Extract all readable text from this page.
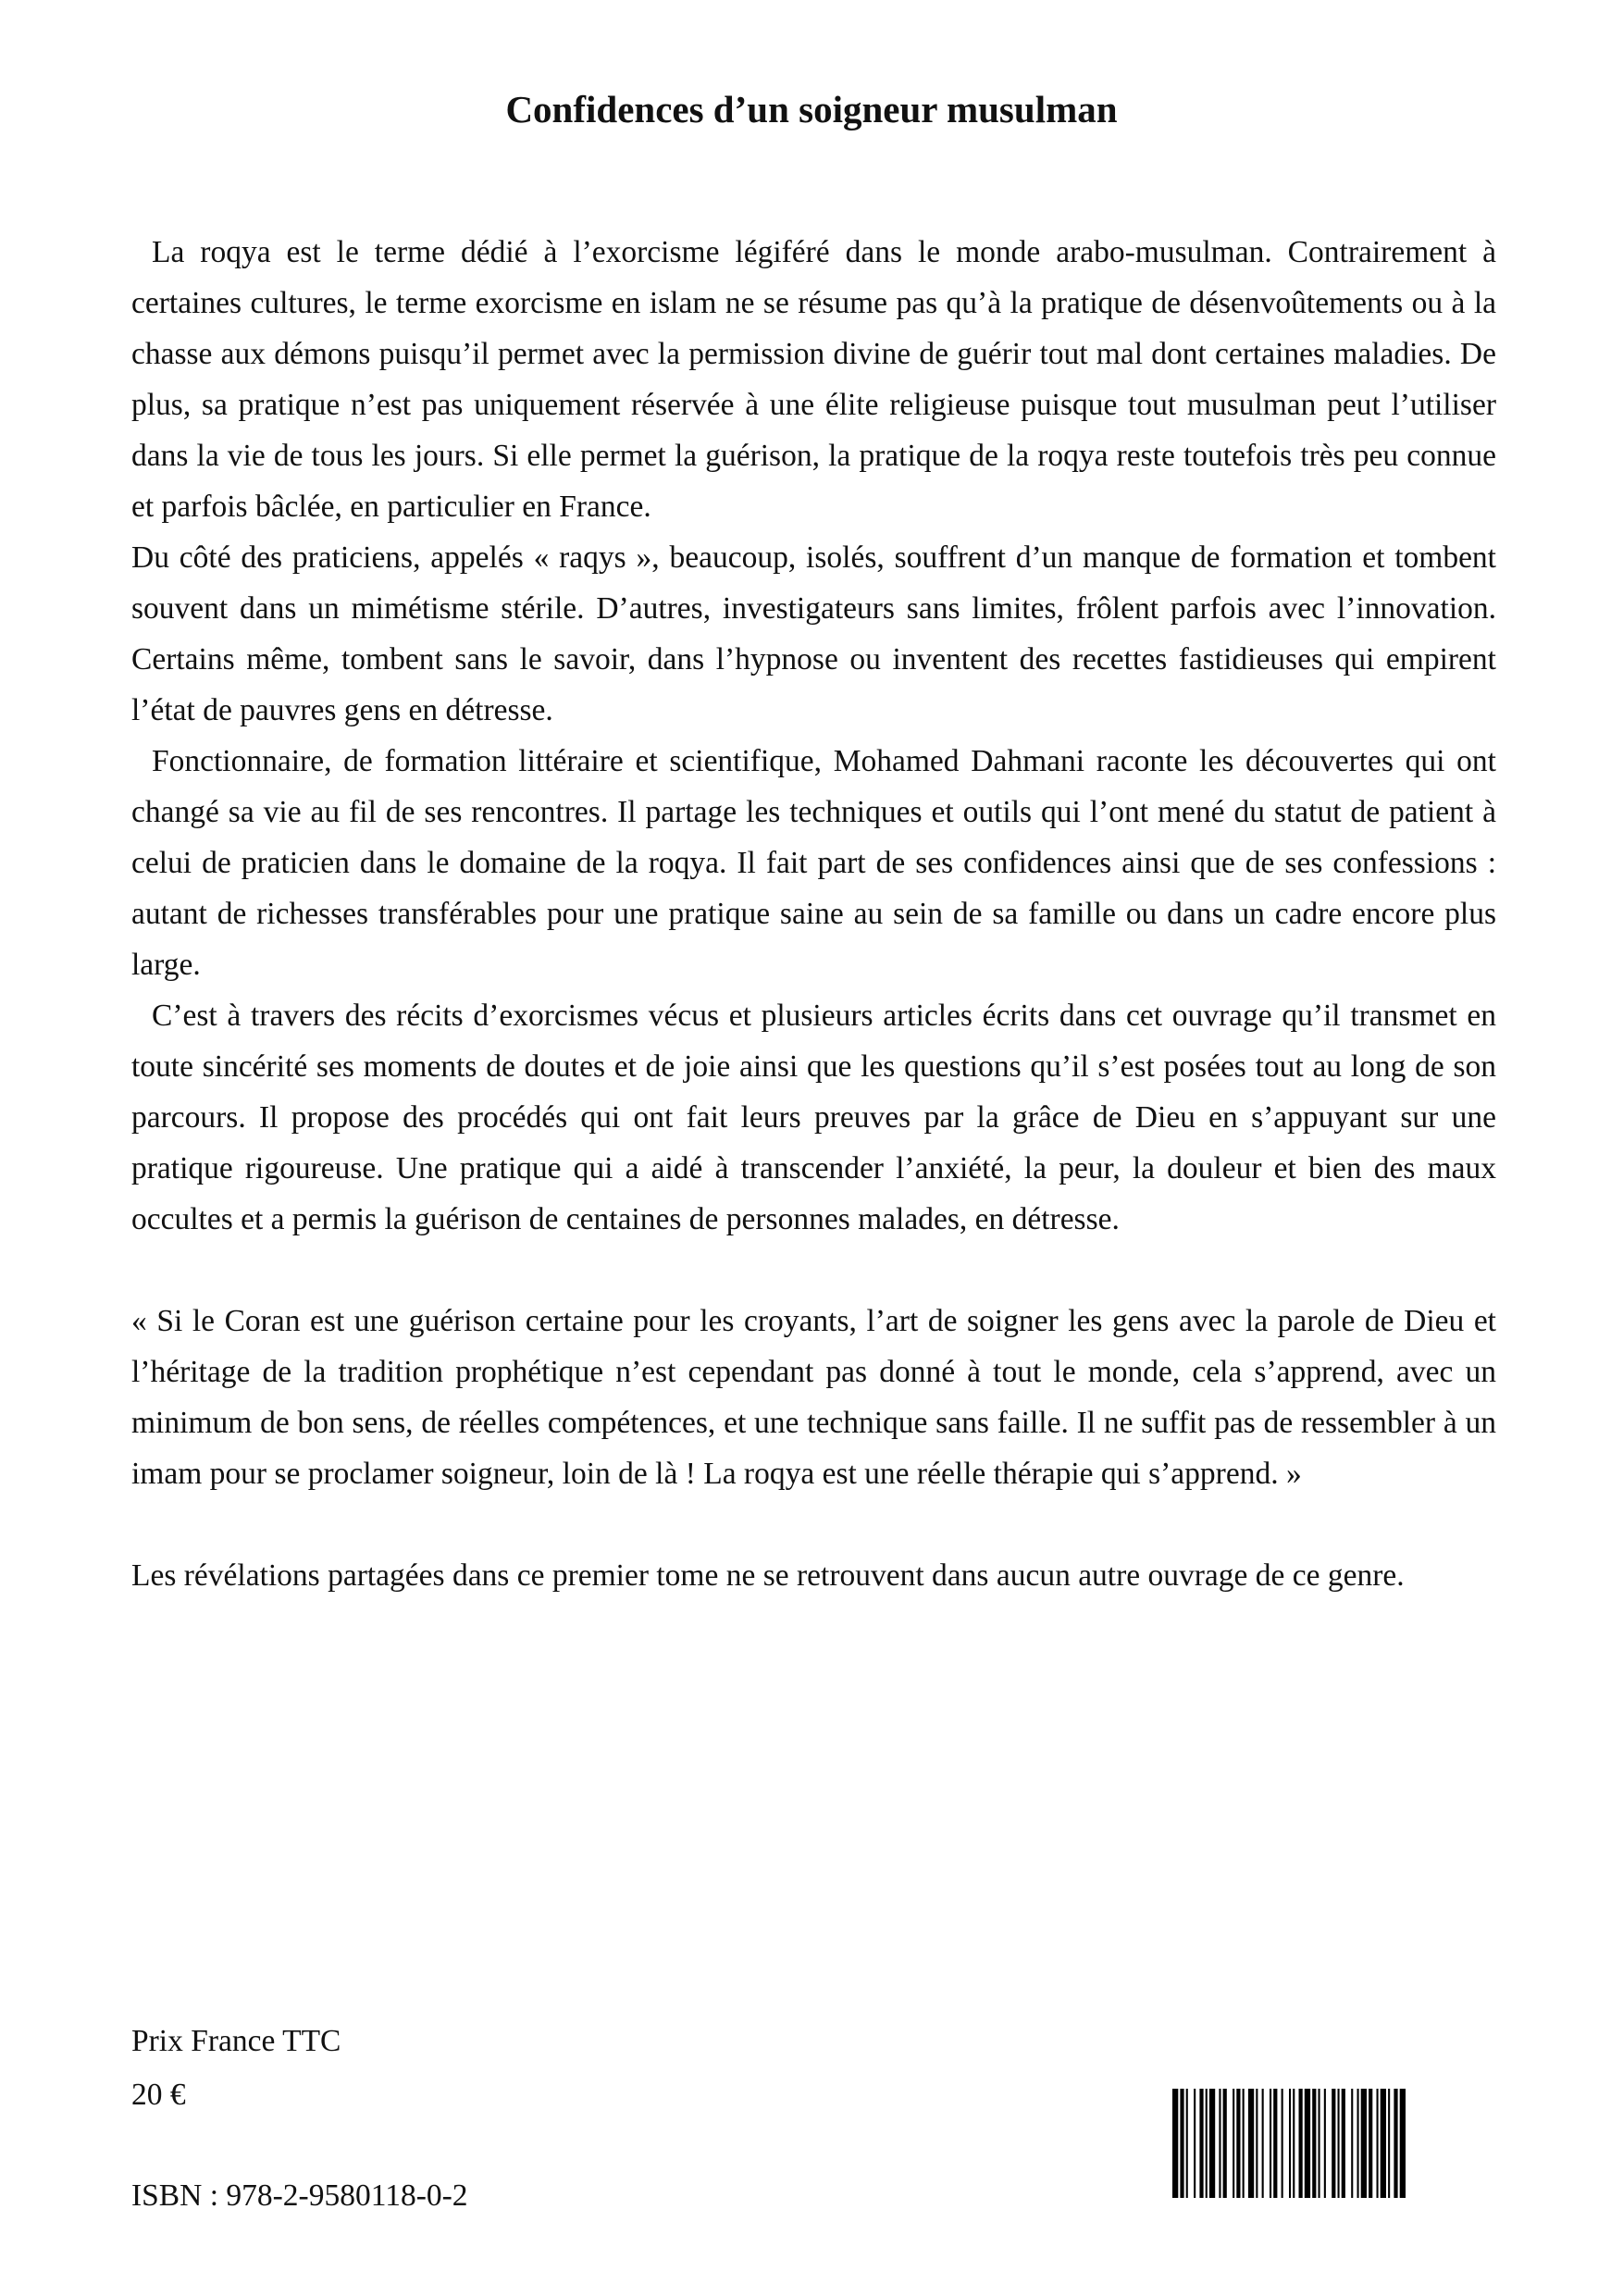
Confidences d’un soigneur musulman

La roqya est le terme dédié à l’exorcisme légiféré dans le monde arabo-musulman. Contrairement à certaines cultures, le terme exorcisme en islam ne se résume pas qu’à la pratique de désenvoûtements ou à la chasse aux démons puisqu’il permet avec la permission divine de guérir tout mal dont certaines maladies. De plus, sa pratique n’est pas uniquement réservée à une élite religieuse puisque tout musulman peut l’utiliser dans la vie de tous les jours. Si elle permet la guérison, la pratique de la roqya reste toutefois très peu connue et parfois bâclée, en particulier en France.

Du côté des praticiens, appelés « raqys », beaucoup, isolés, souffrent d’un manque de formation et tombent souvent dans un mimétisme stérile. D’autres, investigateurs sans limites, frôlent parfois avec l’innovation. Certains même, tombent sans le savoir, dans l’hypnose ou inventent des recettes fastidieuses qui empirent l’état de pauvres gens en détresse.

Fonctionnaire, de formation littéraire et scientifique, Mohamed Dahmani raconte les découvertes qui ont changé sa vie au fil de ses rencontres. Il partage les techniques et outils qui l’ont mené du statut de patient à celui de praticien dans le domaine de la roqya. Il fait part de ses confidences ainsi que de ses confessions : autant de richesses transférables pour une pratique saine au sein de sa famille ou dans un cadre encore plus large.

C’est à travers des récits d’exorcismes vécus et plusieurs articles écrits dans cet ouvrage qu’il transmet en toute sincérité ses moments de doutes et de joie ainsi que les questions qu’il s’est posées tout au long de son parcours. Il propose des procédés qui ont fait leurs preuves par la grâce de Dieu en s’appuyant sur une pratique rigoureuse. Une pratique qui a aidé à transcender l’anxiété, la peur, la douleur et bien des maux occultes et a permis la guérison de centaines de personnes malades, en détresse.

« Si le Coran est une guérison certaine pour les croyants, l’art de soigner les gens avec la parole de Dieu et l’héritage de la tradition prophétique n’est cependant pas donné à tout le monde, cela s’apprend, avec un minimum de bon sens, de réelles compétences, et une technique sans faille. Il ne suffit pas de ressembler à un imam pour se proclamer soigneur, loin de là ! La roqya est une réelle thérapie qui s’apprend. »

Les révélations partagées dans ce premier tome ne se retrouvent dans aucun autre ouvrage de ce genre.

Prix France TTC
20 €
ISBN : 978-2-9580118-0-2
